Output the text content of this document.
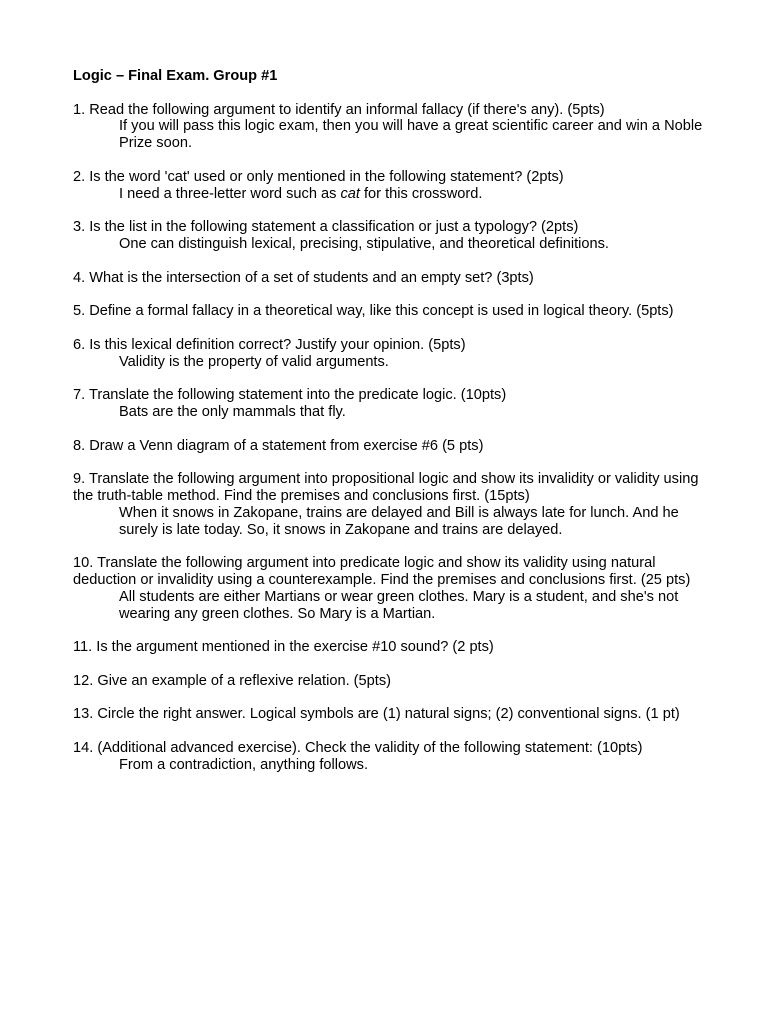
Logic – Final Exam. Group #1
1. Read the following argument to identify an informal fallacy (if there's any). (5pts)
If you will pass this logic exam, then you will have a great scientific career and win a Noble Prize soon.
2. Is the word 'cat' used or only mentioned in the following statement? (2pts)
I need a three-letter word such as cat for this crossword.
3. Is the list in the following statement a classification or just a typology? (2pts)
One can distinguish lexical, precising, stipulative, and theoretical definitions.
4. What is the intersection of a set of students and an empty set? (3pts)
5. Define a formal fallacy in a theoretical way, like this concept is used in logical theory. (5pts)
6. Is this lexical definition correct? Justify your opinion. (5pts)
Validity is the property of valid arguments.
7. Translate the following statement into the predicate logic. (10pts)
Bats are the only mammals that fly.
8. Draw a Venn diagram of a statement from exercise #6 (5 pts)
9. Translate the following argument into propositional logic and show its invalidity or validity using the truth-table method. Find the premises and conclusions first. (15pts)
When it snows in Zakopane, trains are delayed and Bill is always late for lunch. And he surely is late today. So, it snows in Zakopane and trains are delayed.
10. Translate the following argument into predicate logic and show its validity using natural deduction or invalidity using a counterexample. Find the premises and conclusions first. (25 pts)
All students are either Martians or wear green clothes. Mary is a student, and she's not wearing any green clothes. So Mary is a Martian.
11. Is the argument mentioned in the exercise #10 sound? (2 pts)
12. Give an example of a reflexive relation. (5pts)
13. Circle the right answer. Logical symbols are (1) natural signs; (2) conventional signs. (1 pt)
14. (Additional advanced exercise). Check the validity of the following statement: (10pts)
From a contradiction, anything follows.
